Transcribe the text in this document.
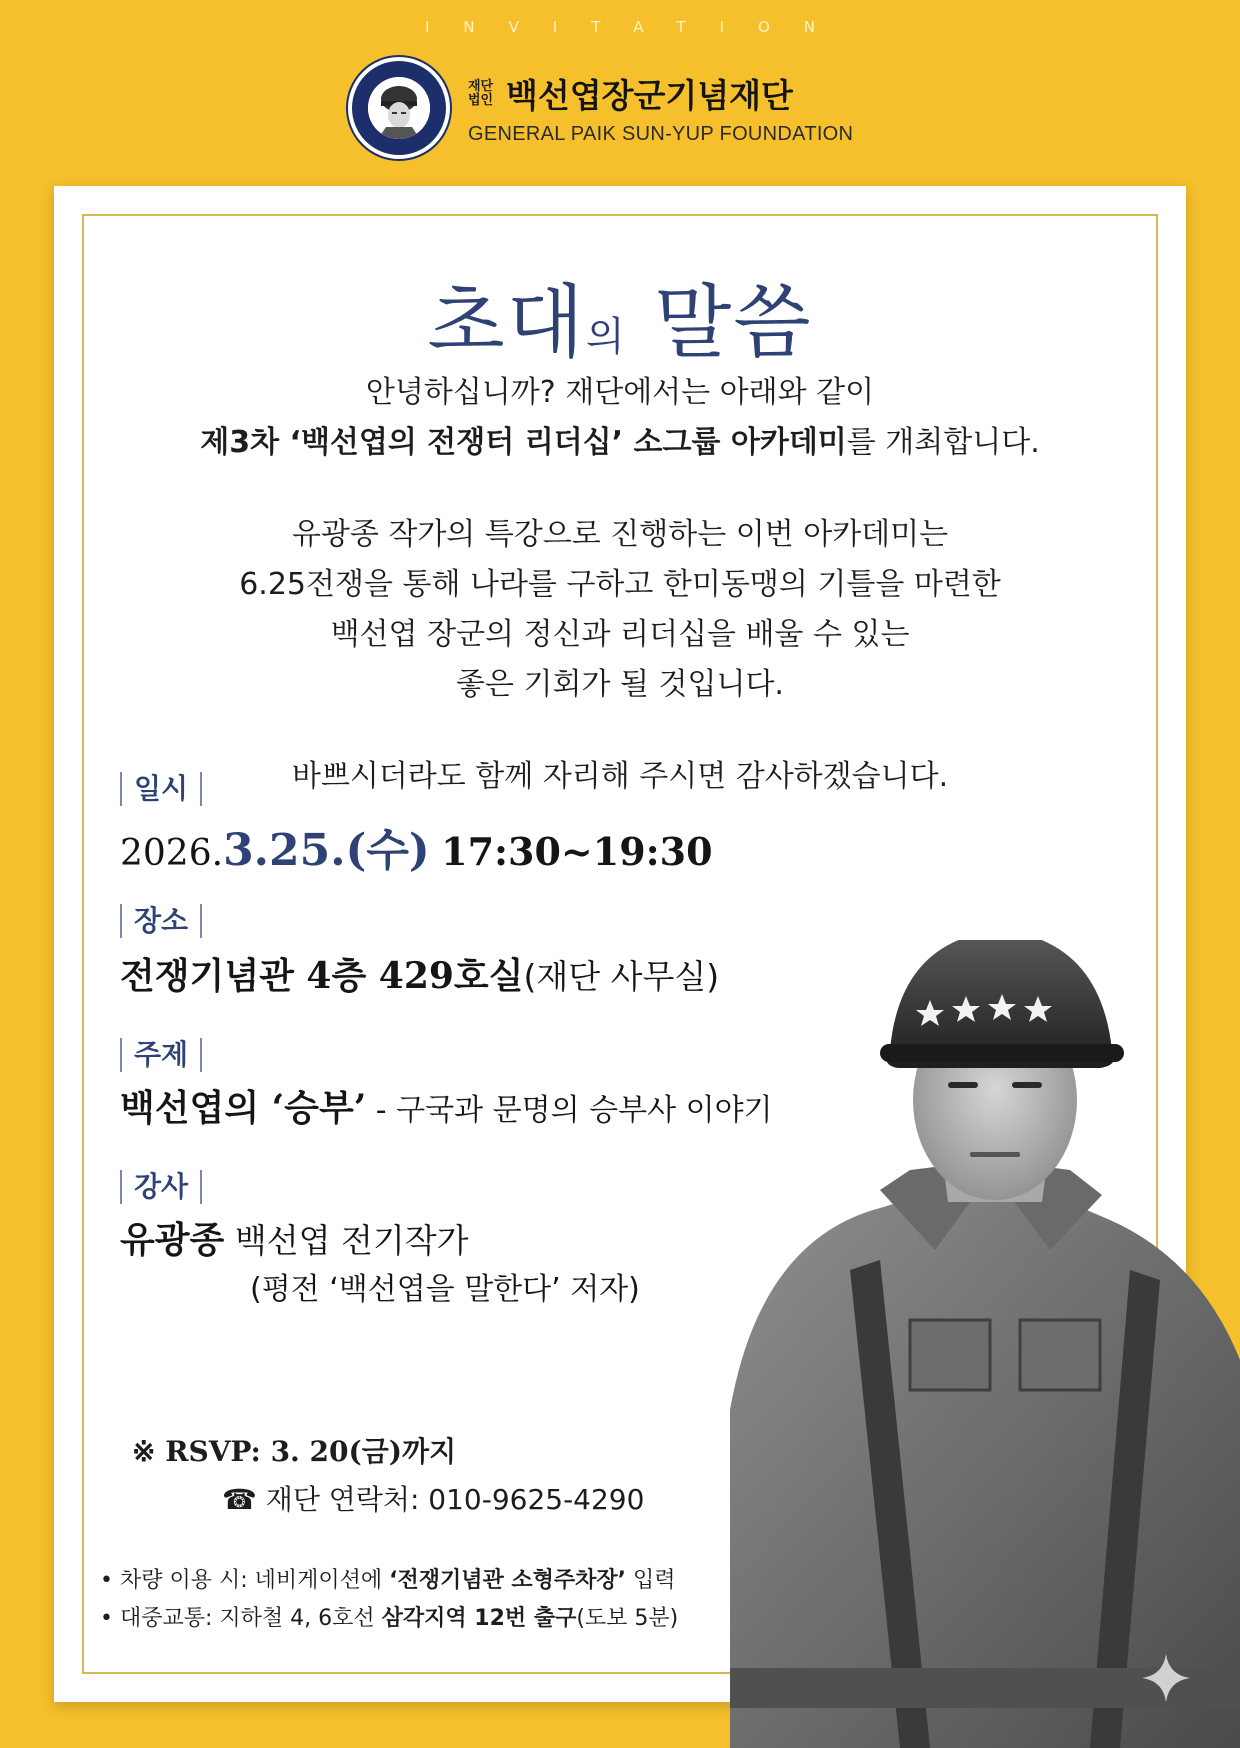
INVITATION
재단
법인 백선엽장군기념재단
GENERAL PAIK SUN-YUP FOUNDATION
초대의 말씀
안녕하십니까? 재단에서는 아래와 같이
제3차 ‘백선엽의 전쟁터 리더십’ 소그룹 아카데미를 개최합니다.
유광종 작가의 특강으로 진행하는 이번 아카데미는
6.25전쟁을 통해 나라를 구하고 한미동맹의 기틀을 마련한
백선엽 장군의 정신과 리더십을 배울 수 있는
좋은 기회가 될 것입니다.
바쁘시더라도 함께 자리해 주시면 감사하겠습니다.
일시
2026.3.25.(수) 17:30~19:30
장소
전쟁기념관 4층 429호실(재단 사무실)
주제
백선엽의 ‘승부’ - 구국과 문명의 승부사 이야기
강사
유광종 백선엽 전기작가
(평전 ‘백선엽을 말한다’ 저자)
※ RSVP: 3. 20(금)까지
☎ 재단 연락처: 010-9625-4290
• 차량 이용 시: 네비게이션에 ‘전쟁기념관 소형주차장’ 입력
• 대중교통: 지하철 4, 6호선 삼각지역 12번 출구(도보 5분)
